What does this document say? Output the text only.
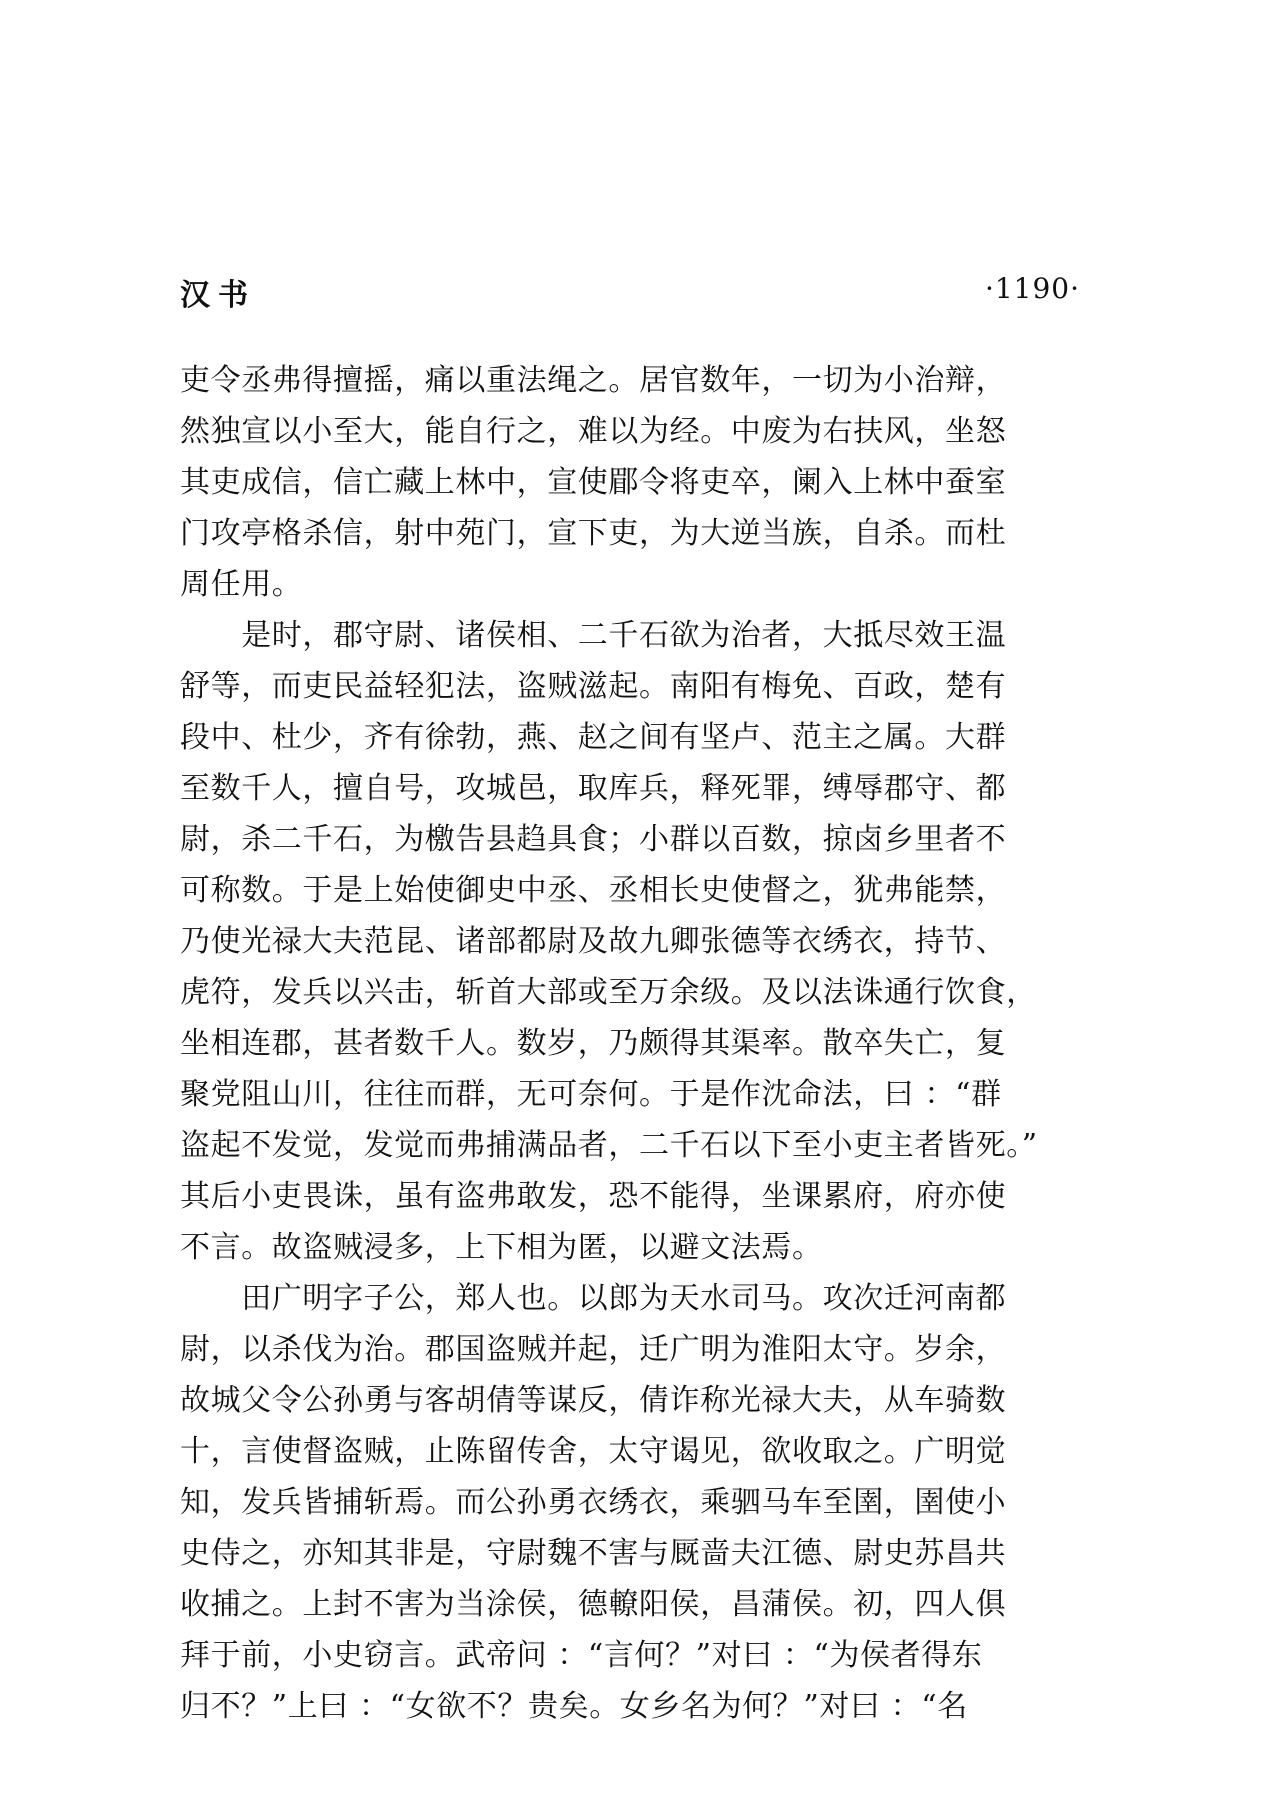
汉书	·1190·
吏令丞弗得擅摇，痛以重法绳之。居官数年，一切为小治辩，
然独宣以小至大，能自行之，难以为经。中废为右扶风，坐怒
其吏成信，信亡藏上林中，宣使郿令将吏卒，阑入上林中蚕室
门攻亭格杀信，射中苑门，宣下吏，为大逆当族，自杀。而杜
周任用。
　　是时，郡守尉、诸侯相、二千石欲为治者，大抵尽效王温
舒等，而吏民益轻犯法，盗贼滋起。南阳有梅免、百政，楚有
段中、杜少，齐有徐勃，燕、赵之间有坚卢、范主之属。大群
至数千人，擅自号，攻城邑，取库兵，释死罪，缚辱郡守、都
尉，杀二千石，为檄告县趋具食；小群以百数，掠卤乡里者不
可称数。于是上始使御史中丞、丞相长史使督之，犹弗能禁，
乃使光禄大夫范昆、诸部都尉及故九卿张德等衣绣衣，持节、
虎符，发兵以兴击，斩首大部或至万余级。及以法诛通行饮食，
坐相连郡，甚者数千人。数岁，乃颇得其渠率。散卒失亡，复
聚党阻山川，往往而群，无可奈何。于是作沈命法，曰 ：“群
盗起不发觉，发觉而弗捕满品者，二千石以下至小吏主者皆死。”
其后小吏畏诛，虽有盗弗敢发，恐不能得，坐课累府，府亦使
不言。故盗贼浸多，上下相为匿，以避文法焉。
　　田广明字子公，郑人也。以郎为天水司马。攻次迁河南都
尉，以杀伐为治。郡国盗贼并起，迁广明为淮阳太守。岁余，
故城父令公孙勇与客胡倩等谋反，倩诈称光禄大夫，从车骑数
十，言使督盗贼，止陈留传舍，太守谒见，欲收取之。广明觉
知，发兵皆捕斩焉。而公孙勇衣绣衣，乘驷马车至圉，圉使小
史侍之，亦知其非是，守尉魏不害与厩啬夫江德、尉史苏昌共
收捕之。上封不害为当涂侯，德轑阳侯，昌蒲侯。初，四人俱
拜于前，小史窃言。武帝问 ：“言何？”对曰 ：“为侯者得东
归不？”上曰 ：“女欲不？贵矣。女乡名为何？”对曰 ：“名
